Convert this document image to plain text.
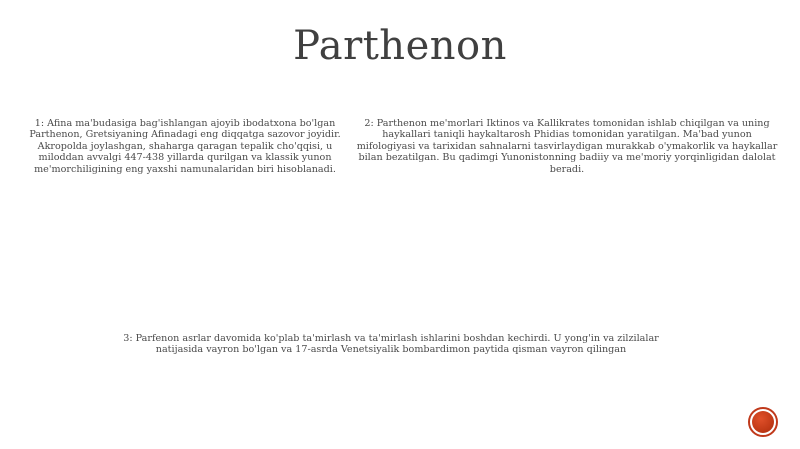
Parthenon

1: Afina ma'budasiga bag'ishlangan ajoyib ibodatxona bo'lgan Parthenon, Gretsiyaning Afinadagi eng diqqatga sazovor joyidir. Akropolda joylashgan, shaharga qaragan tepalik cho'qqisi, u miloddan avvalgi 447-438 yillarda qurilgan va klassik yunon me'morchiligining eng yaxshi namunalaridan biri hisoblanadi.

2: Parthenon me'morlari Iktinos va Kallikrates tomonidan ishlab chiqilgan va uning haykallari taniqli haykaltarosh Phidias tomonidan yaratilgan. Ma'bad yunon mifologiyasi va tarixidan sahnalarni tasvirlaydigan murakkab o'ymakorlik va haykallar bilan bezatilgan. Bu qadimgi Yunonistonning badiiy va me'moriy yorqinligidan dalolat beradi.

3: Parfenon asrlar davomida ko'plab ta'mirlash va ta'mirlash ishlarini boshdan kechirdi. U yong'in va zilzilalar natijasida vayron bo'lgan va 17-asrda Venetsiyalik bombardimon paytida qisman vayron qilingan
